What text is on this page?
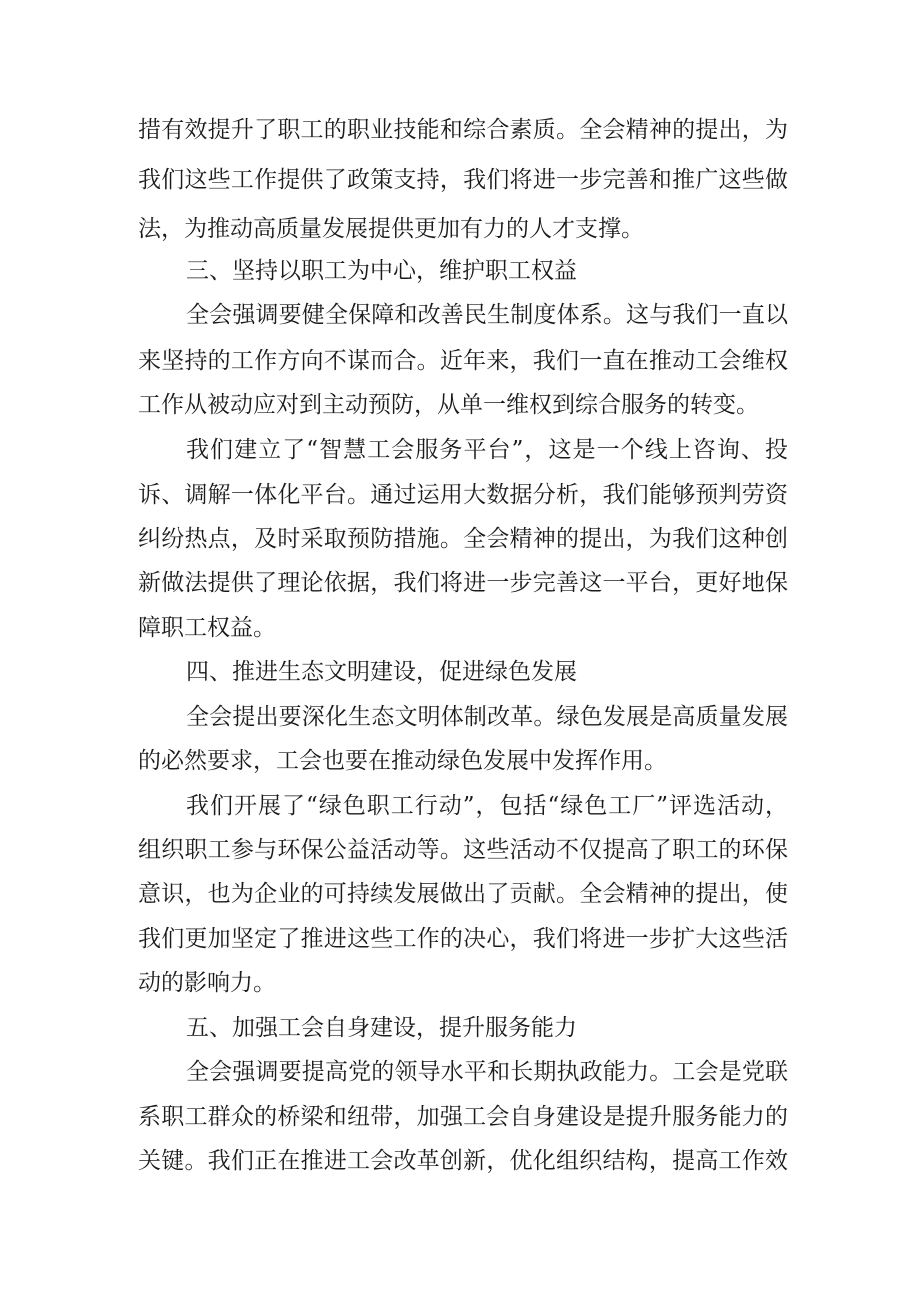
措有效提升了职工的职业技能和综合素质。全会精神的提出，为
我们这些工作提供了政策支持，我们将进一步完善和推广这些做
法，为推动高质量发展提供更加有力的人才支撑。
三、坚持以职工为中心，维护职工权益
全会强调要健全保障和改善民生制度体系。这与我们一直以
来坚持的工作方向不谋而合。近年来，我们一直在推动工会维权
工作从被动应对到主动预防，从单一维权到综合服务的转变。
我们建立了“智慧工会服务平台”，这是一个线上咨询、投
诉、调解一体化平台。通过运用大数据分析，我们能够预判劳资
纠纷热点，及时采取预防措施。全会精神的提出，为我们这种创
新做法提供了理论依据，我们将进一步完善这一平台，更好地保
障职工权益。
四、推进生态文明建设，促进绿色发展
全会提出要深化生态文明体制改革。绿色发展是高质量发展
的必然要求，工会也要在推动绿色发展中发挥作用。
我们开展了“绿色职工行动”，包括“绿色工厂”评选活动，
组织职工参与环保公益活动等。这些活动不仅提高了职工的环保
意识，也为企业的可持续发展做出了贡献。全会精神的提出，使
我们更加坚定了推进这些工作的决心，我们将进一步扩大这些活
动的影响力。
五、加强工会自身建设，提升服务能力
全会强调要提高党的领导水平和长期执政能力。工会是党联
系职工群众的桥梁和纽带，加强工会自身建设是提升服务能力的
关键。我们正在推进工会改革创新，优化组织结构，提高工作效
